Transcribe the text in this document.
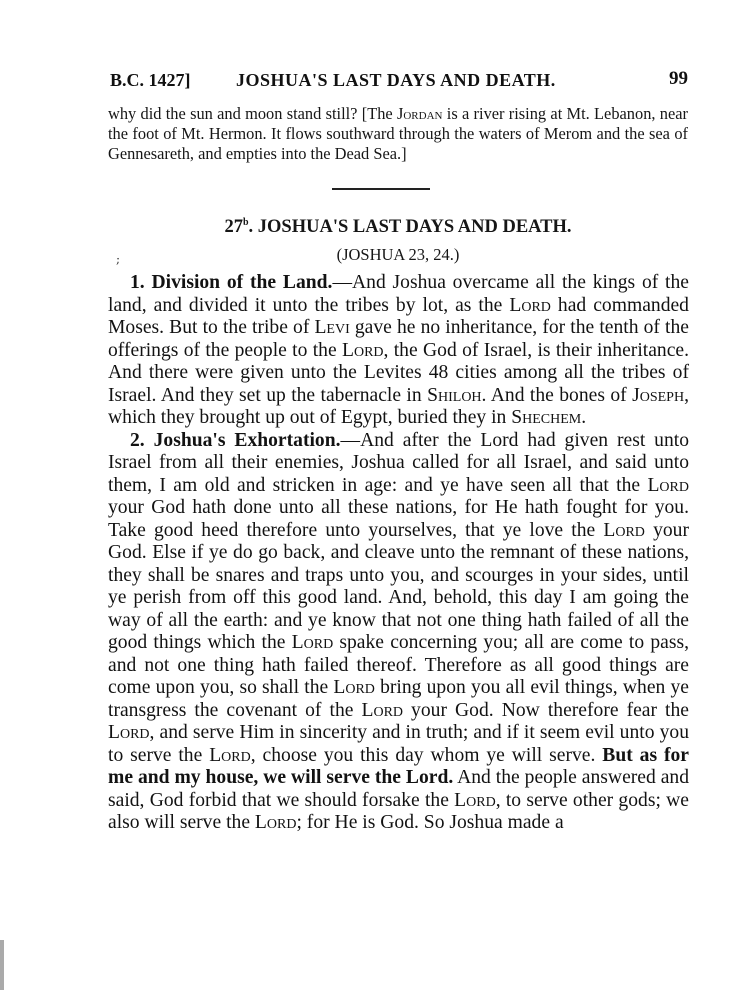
B.C. 1427]	JOSHUA'S LAST DAYS AND DEATH.	99

why did the sun and moon stand still? [The Jordan is a river rising at Mt. Lebanon, near the foot of Mt. Hermon. It flows southward through the waters of Merom and the sea of Gennesareth, and empties into the Dead Sea.]

27$^b$. JOSHUA'S LAST DAYS AND DEATH.
;	(JOSHUA 23, 24.)

1. Division of the Land.—And Joshua overcame all the kings of the land, and divided it unto the tribes by lot, as the Lord had commanded Moses. But to the tribe of Levi gave he no inheritance, for the tenth of the offerings of the people to the Lord, the God of Israel, is their inheritance. And there were given unto the Levites 48 cities among all the tribes of Israel. And they set up the tabernacle in Shiloh. And the bones of Joseph, which they brought up out of Egypt, buried they in Shechem.

2. Joshua's Exhortation.—And after the Lord had given rest unto Israel from all their enemies, Joshua called for all Israel, and said unto them, I am old and stricken in age: and ye have seen all that the Lord your God hath done unto all these nations, for He hath fought for you. Take good heed therefore unto yourselves, that ye love the Lord your God. Else if ye do go back, and cleave unto the remnant of these nations, they shall be snares and traps unto you, and scourges in your sides, until ye perish from off this good land. And, behold, this day I am going the way of all the earth: and ye know that not one thing hath failed of all the good things which the Lord spake concerning you; all are come to pass, and not one thing hath failed thereof. Therefore as all good things are come upon you, so shall the Lord bring upon you all evil things, when ye transgress the covenant of the Lord your God. Now therefore fear the Lord, and serve Him in sincerity and in truth; and if it seem evil unto you to serve the Lord, choose you this day whom ye will serve. But as for me and my house, we will serve the Lord. And the people answered and said, God forbid that we should forsake the Lord, to serve other gods; we also will serve the Lord; for He is God. So Joshua made a
